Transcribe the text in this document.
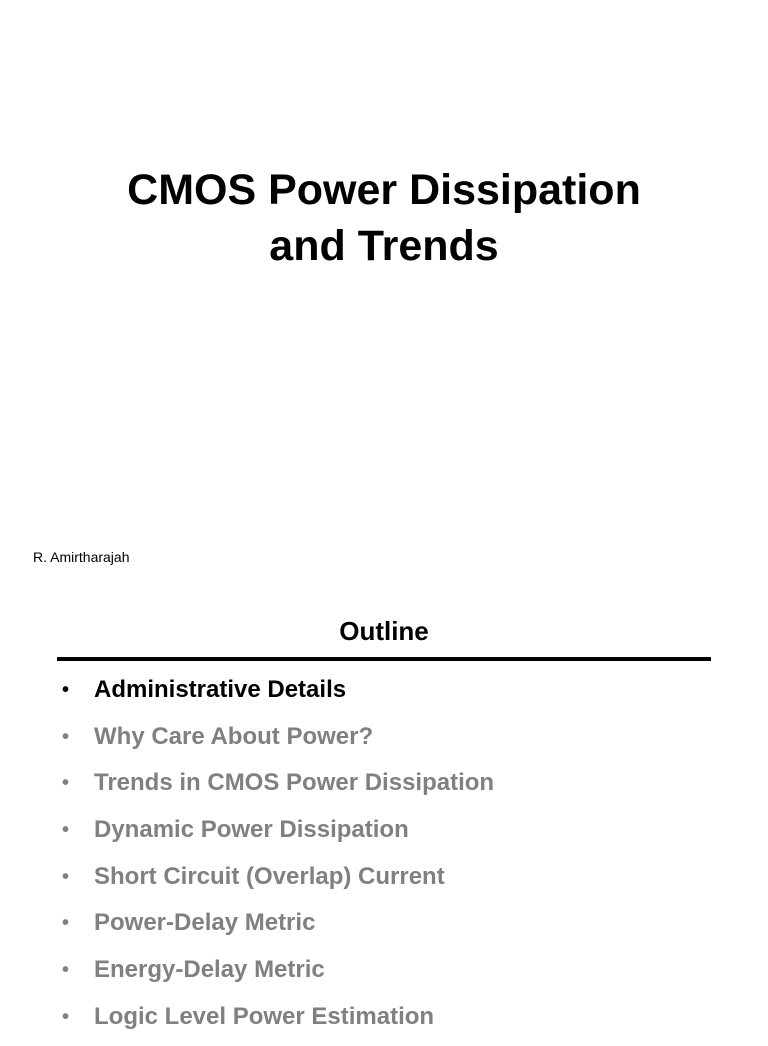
CMOS Power Dissipation
and Trends
R. Amirtharajah
Outline
• Administrative Details
• Why Care About Power?
• Trends in CMOS Power Dissipation
• Dynamic Power Dissipation
• Short Circuit (Overlap) Current
• Power-Delay Metric
• Energy-Delay Metric
• Logic Level Power Estimation
